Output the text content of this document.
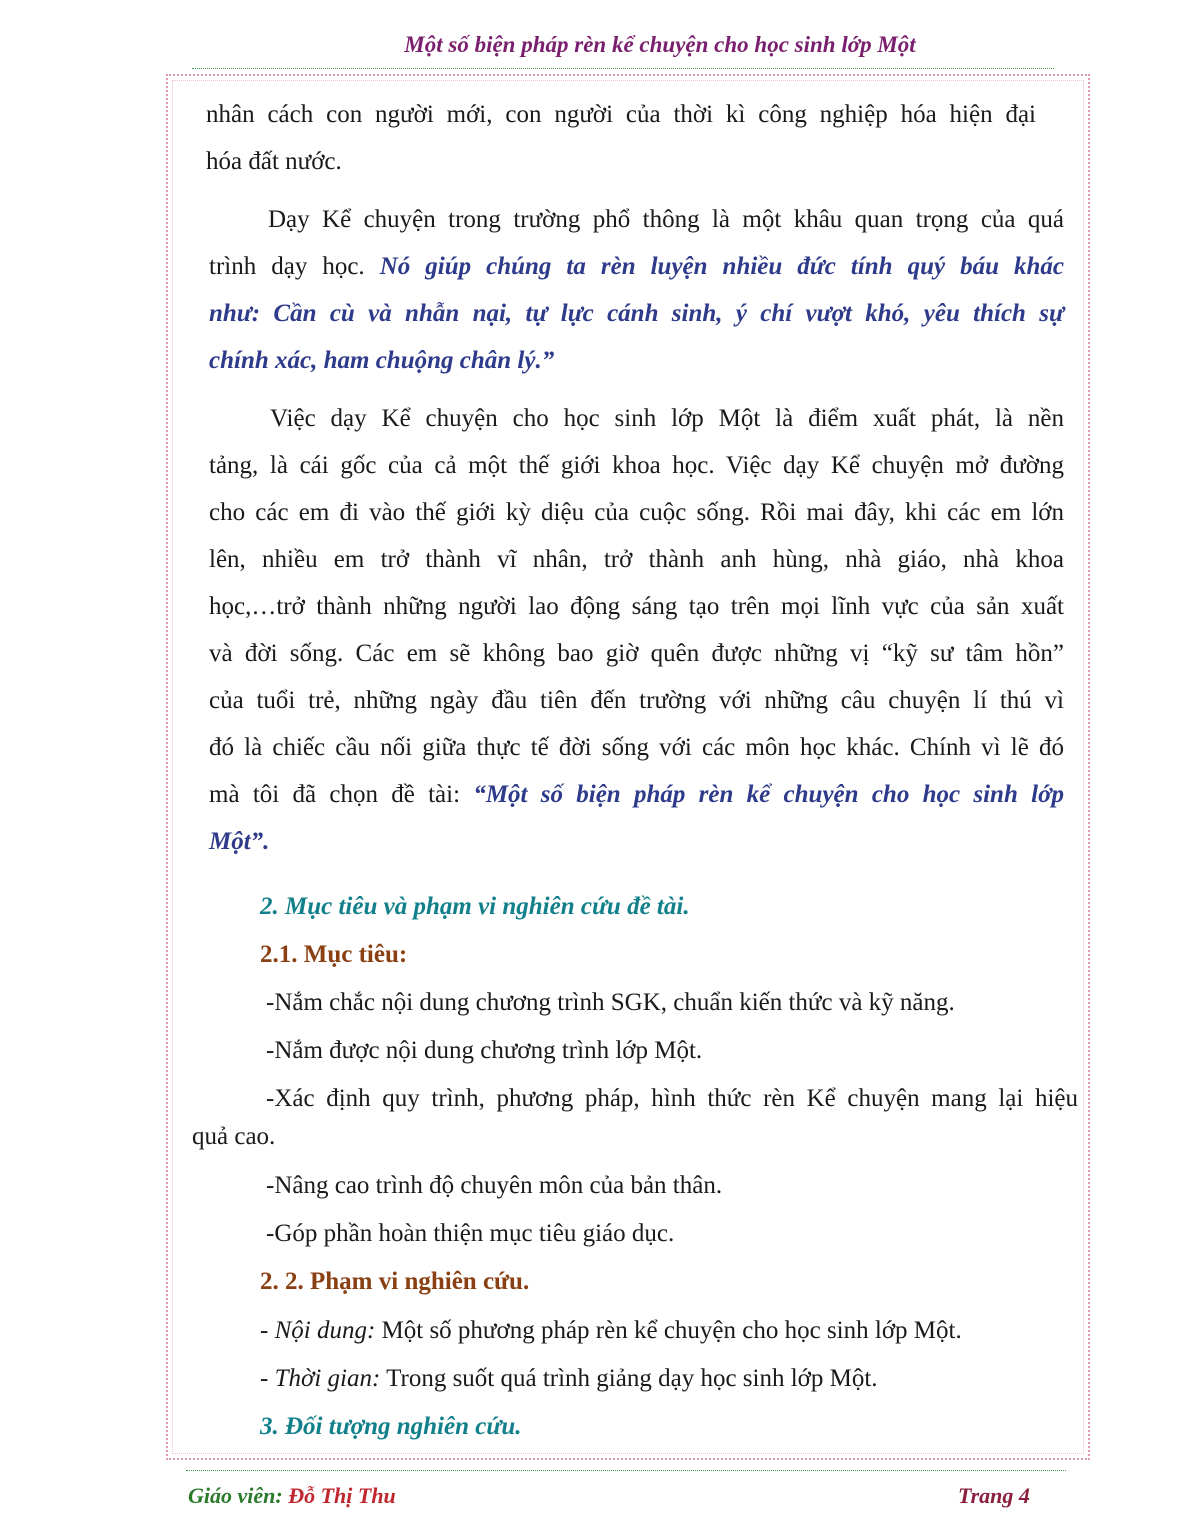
Một số biện pháp rèn kể chuyện cho học sinh lớp Một
nhân cách con người mới, con người của thời kì công nghiệp hóa hiện đại
hóa đất nước.
Dạy Kể chuyện trong trường phổ thông là một khâu quan trọng của quá
trình dạy học. Nó giúp chúng ta rèn luyện nhiều đức tính quý báu khác
như: Cần cù và nhẫn nại, tự lực cánh sinh, ý chí vượt khó, yêu thích sự
chính xác, ham chuộng chân lý.”
Việc dạy Kể chuyện cho học sinh lớp Một là điểm xuất phát, là nền
tảng, là cái gốc của cả một thế giới khoa học. Việc dạy Kể chuyện mở đường
cho các em đi vào thế giới kỳ diệu của cuộc sống. Rồi mai đây, khi các em lớn
lên, nhiều em trở thành vĩ nhân, trở thành anh hùng, nhà giáo, nhà khoa
học,…trở thành những người lao động sáng tạo trên mọi lĩnh vực của sản xuất
và đời sống. Các em sẽ không bao giờ quên được những vị “kỹ sư tâm hồn”
của tuổi trẻ, những ngày đầu tiên đến trường với những câu chuyện lí thú vì
đó là chiếc cầu nối giữa thực tế đời sống với các môn học khác. Chính vì lẽ đó
mà tôi đã chọn đề tài: “Một số biện pháp rèn kể chuyện cho học sinh lớp
Một”.
2. Mục tiêu và phạm vi nghiên cứu đề tài.
2.1. Mục tiêu:
-Nắm chắc nội dung chương trình SGK, chuẩn kiến thức và kỹ năng.
-Nắm được nội dung chương trình lớp Một.
-Xác định quy trình, phương pháp, hình thức rèn Kể chuyện mang lại hiệu
quả cao.
-Nâng cao trình độ chuyên môn của bản thân.
-Góp phần hoàn thiện mục tiêu giáo dục.
2. 2. Phạm vi nghiên cứu.
- Nội dung: Một số phương pháp rèn kể chuyện cho học sinh lớp Một.
- Thời gian: Trong suốt quá trình giảng dạy học sinh lớp Một.
3. Đối tượng nghiên cứu.
Giáo viên: Đỗ Thị Thu	Trang 4
